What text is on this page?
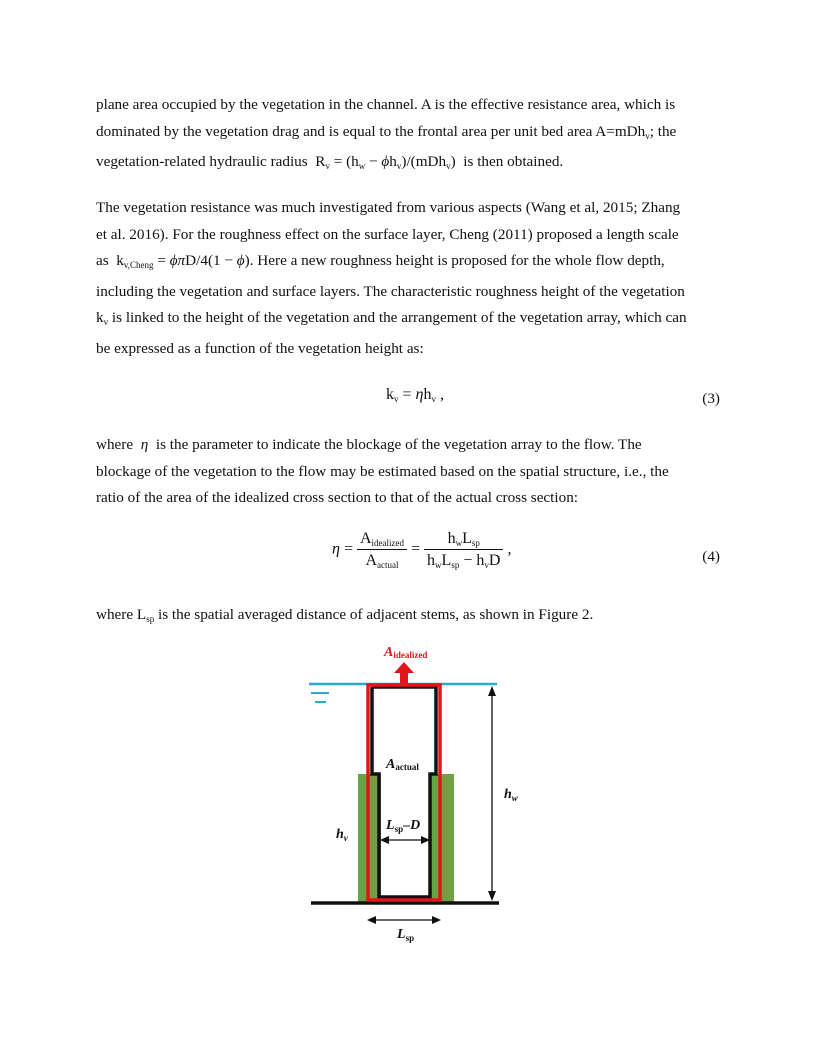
plane area occupied by the vegetation in the channel. A is the effective resistance area, which is
dominated by the vegetation drag and is equal to the frontal area per unit bed area A=mDh$_v$; the
vegetation-related hydraulic radius  $R_v = (h_w - \phi h_v)/(mDh_v)$  is then obtained.

The vegetation resistance was much investigated from various aspects (Wang et al, 2015; Zhang
et al. 2016). For the roughness effect on the surface layer, Cheng (2011) proposed a length scale
as  $k_{v,Cheng} = \phi\pi D/4(1 - \phi)$. Here a new roughness height is proposed for the whole flow depth,
including the vegetation and surface layers. The characteristic roughness height of the vegetation
$k_v$ is linked to the height of the vegetation and the arrangement of the vegetation array, which can
be expressed as a function of the vegetation height as:

$k_v = \eta h_v$ ,	(3)

where  η  is the parameter to indicate the blockage of the vegetation array to the flow. The
blockage of the vegetation to the flow may be estimated based on the spatial structure, i.e., the
ratio of the area of the idealized cross section to that of the actual cross section:

$\eta = \frac{A_{idealized}}{A_{actual}} = \frac{h_wL_{sp}}{h_wL_{sp} - h_vD}$ ,	(4)

where $L_{sp}$ is the spatial averaged distance of adjacent stems, as shown in Figure 2.

Aidealized
Aactual
$h_w$
$h_v$
$L_{sp}-D$
$L_{sp}$
